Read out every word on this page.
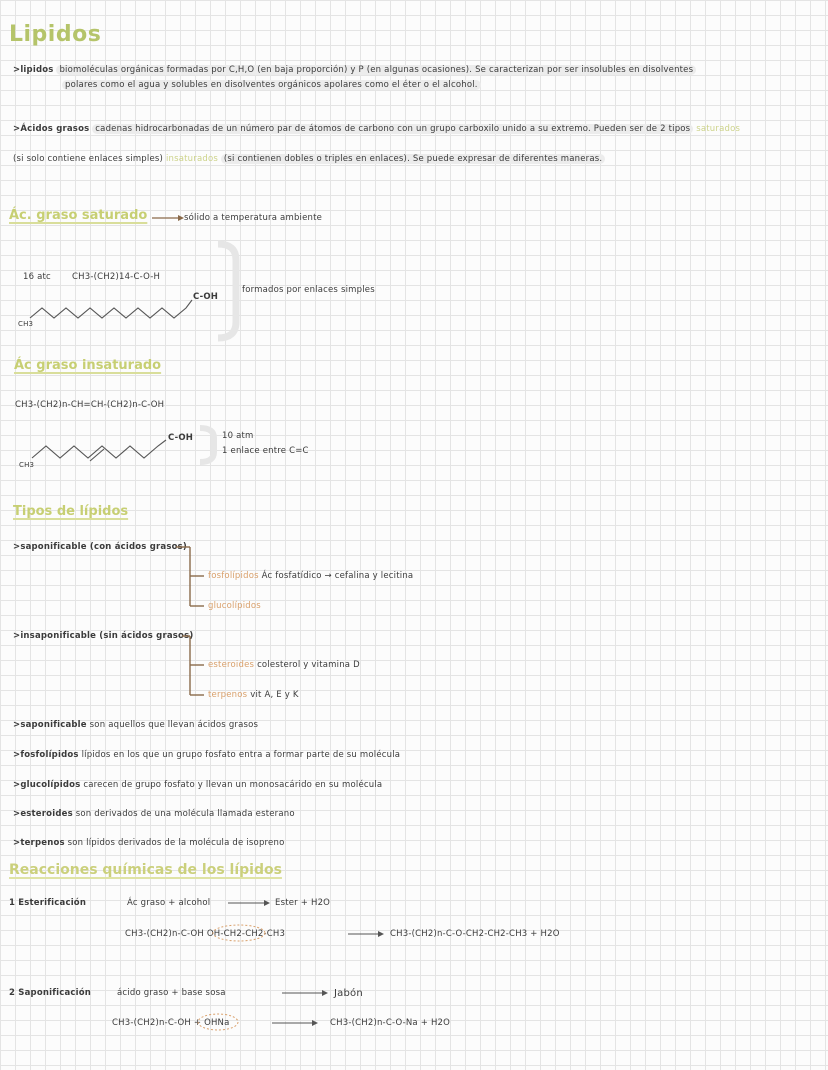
Lipidos
>lipidos biomoléculas orgánicas formadas por C,H,O (en baja proporción) y P (en algunas ocasiones). Se caracterizan por ser insolubles en disolventes
polares como el agua y solubles en disolventes orgánicos apolares como el éter o el alcohol.
>Ácidos grasos cadenas hidrocarbonadas de un número par de átomos de carbono con un grupo carboxilo unido a su extremo. Pueden ser de 2 tipos saturados
(si solo contiene enlaces simples) insaturados (si contienen dobles o triples en enlaces). Se puede expresar de diferentes maneras.
Ác. graso saturado	sólido a temperatura ambiente
16 atc CH3-(CH2)14-C-O-H
C-OH
CH3
formados por enlaces simples
Ác graso insaturado
CH3-(CH2)n-CH=CH-(CH2)n-C-OH
C-OH
CH3
10 atm
1 enlace entre C=C
Tipos de lípidos
>saponificable (con ácidos grasos)
fosfolípidos Ác fosfatídico → cefalina y lecitina
glucolípidos
>insaponificable (sin ácidos grasos)
esteroides colesterol y vitamina D
terpenos vit A, E y K
>saponificable son aquellos que llevan ácidos grasos
>fosfolípidos lípidos en los que un grupo fosfato entra a formar parte de su molécula
>glucolípidos carecen de grupo fosfato y llevan un monosacárido en su molécula
>esteroides son derivados de una molécula llamada esterano
>terpenos son lípidos derivados de la molécula de isopreno
Reacciones químicas de los lípidos
1 Esterificación	Ác graso + alcohol	Ester + H2O
CH3-(CH2)n-C-OH OH-CH2-CH2-CH3	CH3-(CH2)n-C-O-CH2-CH2-CH3 + H2O
2 Saponificación	ácido graso + base sosa	Jabón
CH3-(CH2)n-C-OH + OHNa	CH3-(CH2)n-C-O-Na + H2O
